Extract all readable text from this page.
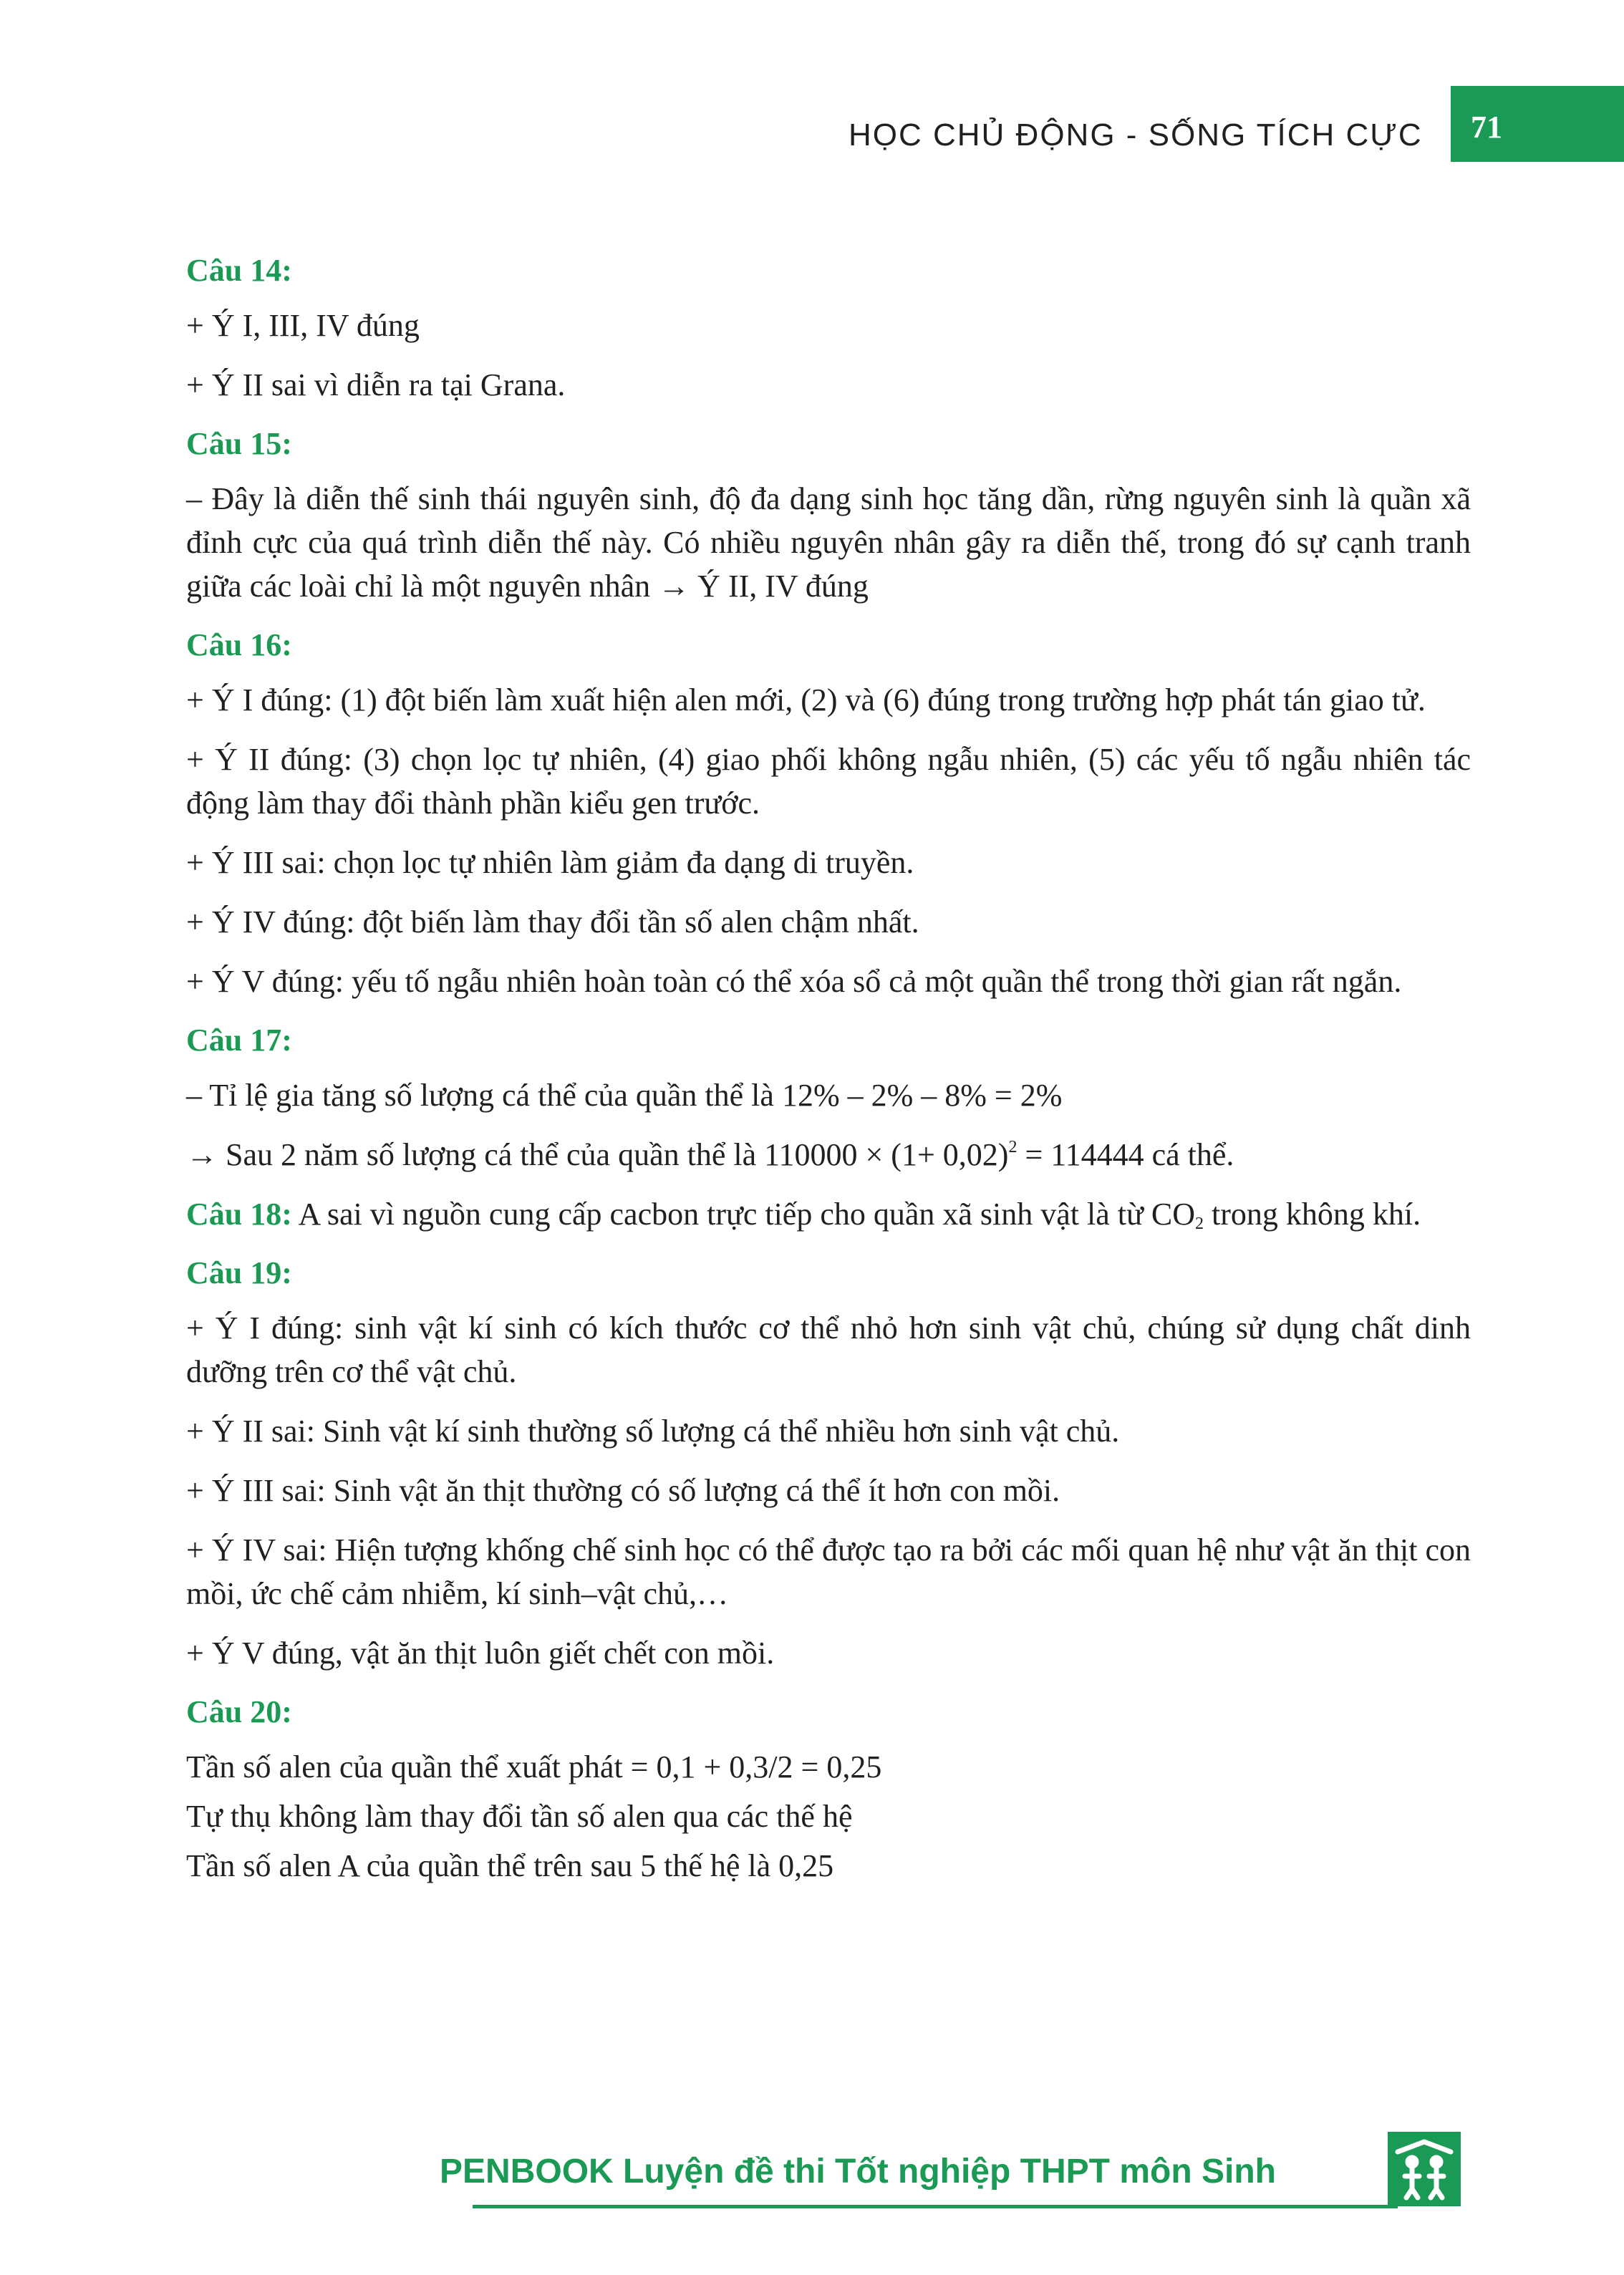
HỌC CHỦ ĐỘNG - SỐNG TÍCH CỰC 71

Câu 14:

+ Ý I, III, IV đúng

+ Ý II sai vì diễn ra tại Grana.

Câu 15:

– Đây là diễn thế sinh thái nguyên sinh, độ đa dạng sinh học tăng dần, rừng nguyên sinh là quần xã đỉnh cực của quá trình diễn thế này. Có nhiều nguyên nhân gây ra diễn thế, trong đó sự cạnh tranh giữa các loài chỉ là một nguyên nhân → Ý II, IV đúng

Câu 16:

+ Ý I đúng: (1) đột biến làm xuất hiện alen mới, (2) và (6) đúng trong trường hợp phát tán giao tử.

+ Ý II đúng: (3) chọn lọc tự nhiên, (4) giao phối không ngẫu nhiên, (5) các yếu tố ngẫu nhiên tác động làm thay đổi thành phần kiểu gen trước.

+ Ý III sai: chọn lọc tự nhiên làm giảm đa dạng di truyền.

+ Ý IV đúng: đột biến làm thay đổi tần số alen chậm nhất.

+ Ý V đúng: yếu tố ngẫu nhiên hoàn toàn có thể xóa sổ cả một quần thể trong thời gian rất ngắn.

Câu 17:

– Tỉ lệ gia tăng số lượng cá thể của quần thể là 12% – 2% – 8% = 2%

→ Sau 2 năm số lượng cá thể của quần thể là $110000 \times (1+ 0,02)^2 = 114444$ cá thể.

Câu 18: A sai vì nguồn cung cấp cacbon trực tiếp cho quần xã sinh vật là từ $CO_2$ trong không khí.

Câu 19:

+ Ý I đúng: sinh vật kí sinh có kích thước cơ thể nhỏ hơn sinh vật chủ, chúng sử dụng chất dinh dưỡng trên cơ thể vật chủ.

+ Ý II sai: Sinh vật kí sinh thường số lượng cá thể nhiều hơn sinh vật chủ.

+ Ý III sai: Sinh vật ăn thịt thường có số lượng cá thể ít hơn con mồi.

+ Ý IV sai: Hiện tượng khống chế sinh học có thể được tạo ra bởi các mối quan hệ như vật ăn thịt con mồi, ức chế cảm nhiễm, kí sinh–vật chủ,…

+ Ý V đúng, vật ăn thịt luôn giết chết con mồi.

Câu 20:

Tần số alen của quần thể xuất phát = 0,1 + 0,3/2 = 0,25

Tự thụ không làm thay đổi tần số alen qua các thế hệ

Tần số alen A của quần thể trên sau 5 thế hệ là 0,25

PENBOOK Luyện đề thi Tốt nghiệp THPT môn Sinh
